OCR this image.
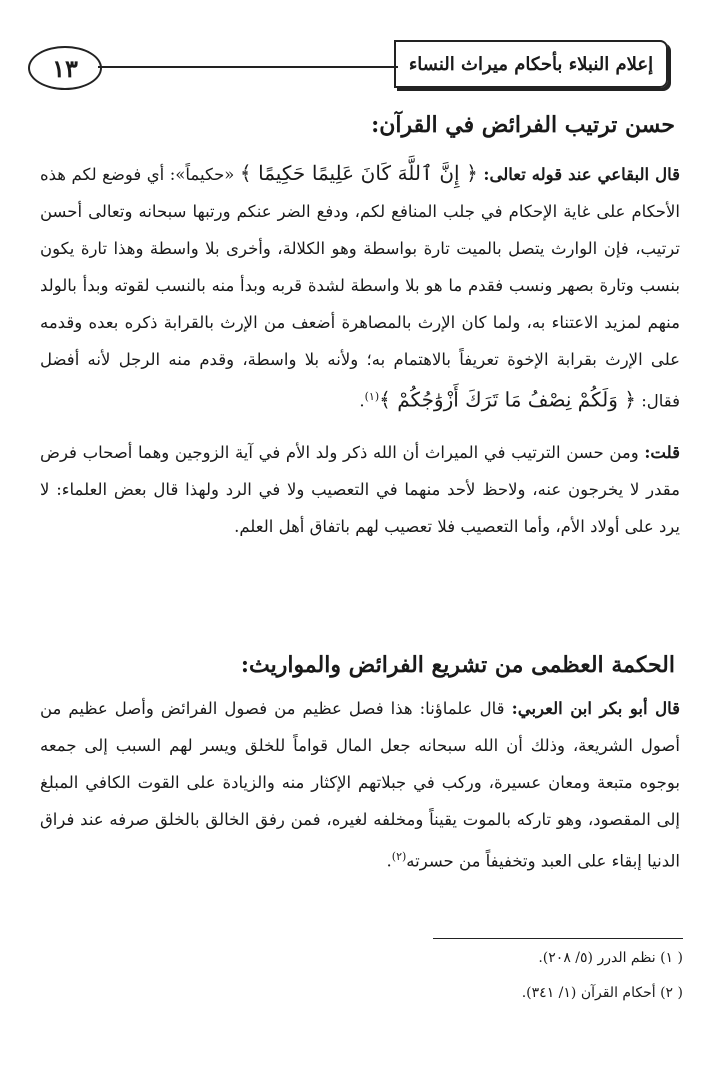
١٣	إعلام النبلاء بأحكام ميراث النساء
حسن ترتيب الفرائض في القرآن:

قال البقاعي عند قوله تعالى: ﴿ إِنَّ ٱللَّهَ كَانَ عَلِيمًا حَكِيمًا ﴾ «حكيماً»: أي فوضع لكم هذه الأحكام على غاية الإحكام في جلب المنافع لكم، ودفع الضر عنكم ورتبها سبحانه وتعالى أحسن ترتيب، فإن الوارث يتصل بالميت تارة بواسطة وهو الكلالة، وأخرى بلا واسطة وهذا تارة يكون بنسب وتارة بصهر ونسب فقدم ما هو بلا واسطة لشدة قربه وبدأ منه بالنسب لقوته وبدأ بالولد منهم لمزيد الاعتناء به، ولما كان الإرث بالمصاهرة أضعف من الإرث بالقرابة ذكره بعده وقدمه على الإرث بقرابة الإخوة تعريفاً بالاهتمام به؛ ولأنه بلا واسطة، وقدم منه الرجل لأنه أفضل فقال: ﴿ وَلَكُمْ نِصْفُ مَا تَرَكَ أَزْوَٰجُكُمْ ﴾$^{(١)}$.

قلت: ومن حسن الترتيب في الميراث أن الله ذكر ولد الأم في آية الزوجين وهما أصحاب فرض مقدر لا يخرجون عنه، ولاحظ لأحد منهما في التعصيب ولا في الرد ولهذا قال بعض العلماء: لا يرد على أولاد الأم، وأما التعصيب فلا تعصيب لهم باتفاق أهل العلم.

الحكمة العظمى من تشريع الفرائض والمواريث:

قال أبو بكر ابن العربي: قال علماؤنا: هذا فصل عظيم من فصول الفرائض وأصل عظيم من أصول الشريعة، وذلك أن الله سبحانه جعل المال قواماً للخلق ويسر لهم السبب إلى جمعه بوجوه متبعة ومعان عسيرة، وركب في جبلاتهم الإكثار منه والزيادة على القوت الكافي المبلغ إلى المقصود، وهو تاركه بالموت يقيناً ومخلفه لغيره، فمن رفق الخالق بالخلق صرفه عند فراق الدنيا إبقاء على العبد وتخفيفاً من حسرته$^{(٢)}$.

( ١) نظم الدرر (٥/ ٢٠٨).
( ٢) أحكام القرآن (١/ ٣٤١).
